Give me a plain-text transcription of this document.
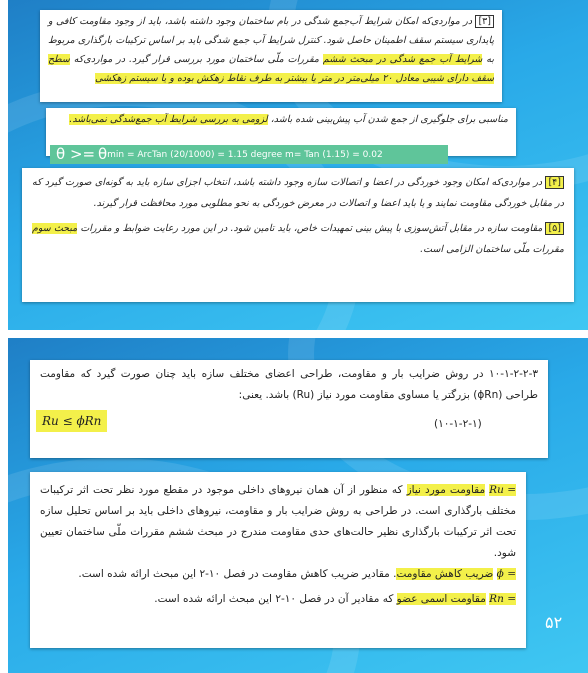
[۳] در مواردی‌که امکان شرایط آب‌جمع شدگی در بام ساختمان وجود داشته باشد، باید از وجود مقاومت کافی و پایداری سیستم سقف اطمینان حاصل شود. کنترل شرایط آب جمع شدگی باید بر اساس ترکیبات بارگذاری مربوط به شرایط آب جمع شدگی در مبحث ششم مقررات ملّی ساختمان مورد بررسی قرار گیرد. در مواردی‌که سطح سقف دارای شیبی معادل ۲۰ میلی‌متر در متر یا بیشتر به طرف نقاط زهکش بوده و یا سیستم زهکشی

مناسبی برای جلوگیری از جمع شدن آب پیش‌بینی شده باشد، لزومی به بررسی شرایط آب جمع‌شدگی نمی‌باشد.

θ >= θmin = ArcTan (20/1000) = 1.15 degree m= Tan (1.15) = 0.02

[۴] در مواردی‌که امکان وجود خوردگی در اعضا و اتصالات سازه وجود داشته باشد، انتخاب اجزای سازه باید به گونه‌ای صورت گیرد که در مقابل خوردگی مقاومت نمایند و یا باید اعضا و اتصالات در معرض خوردگی به نحو مطلوبی مورد محافظت قرار گیرند.

[۵] مقاومت سازه در مقابل آتش‌سوزی با پیش بینی تمهیدات خاص، باید تامین شود. در این مورد رعایت ضوابط و مقررات مبحث سوم مقررات ملّی ساختمان الزامی است.

۱۰-۱-۲-۲-۳ در روش ضرایب بار و مقاومت، طراحی اعضای مختلف سازه باید چنان صورت گیرد که مقاومت طراحی (ϕRn) بزرگتر یا مساوی مقاومت مورد نیاز (Ru) باشد. یعنی:

Ru ≤ ϕRn	(۱۰-۱-۲-۱)

Ru = مقاومت مورد نیاز که منظور از آن همان نیروهای داخلی موجود در مقطع مورد نظر تحت اثر ترکیبات مختلف بارگذاری است. در طراحی به روش ضرایب بار و مقاومت، نیروهای داخلی باید بر اساس تحلیل سازه تحت اثر ترکیبات بارگذاری نظیر حالت‌های حدی مقاومت مندرج در مبحث ششم مقررات ملّی ساختمان تعیین شود.

ϕ = ضریب کاهش مقاومت. مقادیر ضریب کاهش مقاومت در فصل ۱۰-۲ این مبحث ارائه شده است.

Rn = مقاومت اسمی عضو که مقادیر آن در فصل ۱۰-۲ این مبحث ارائه شده است.

۵۲
